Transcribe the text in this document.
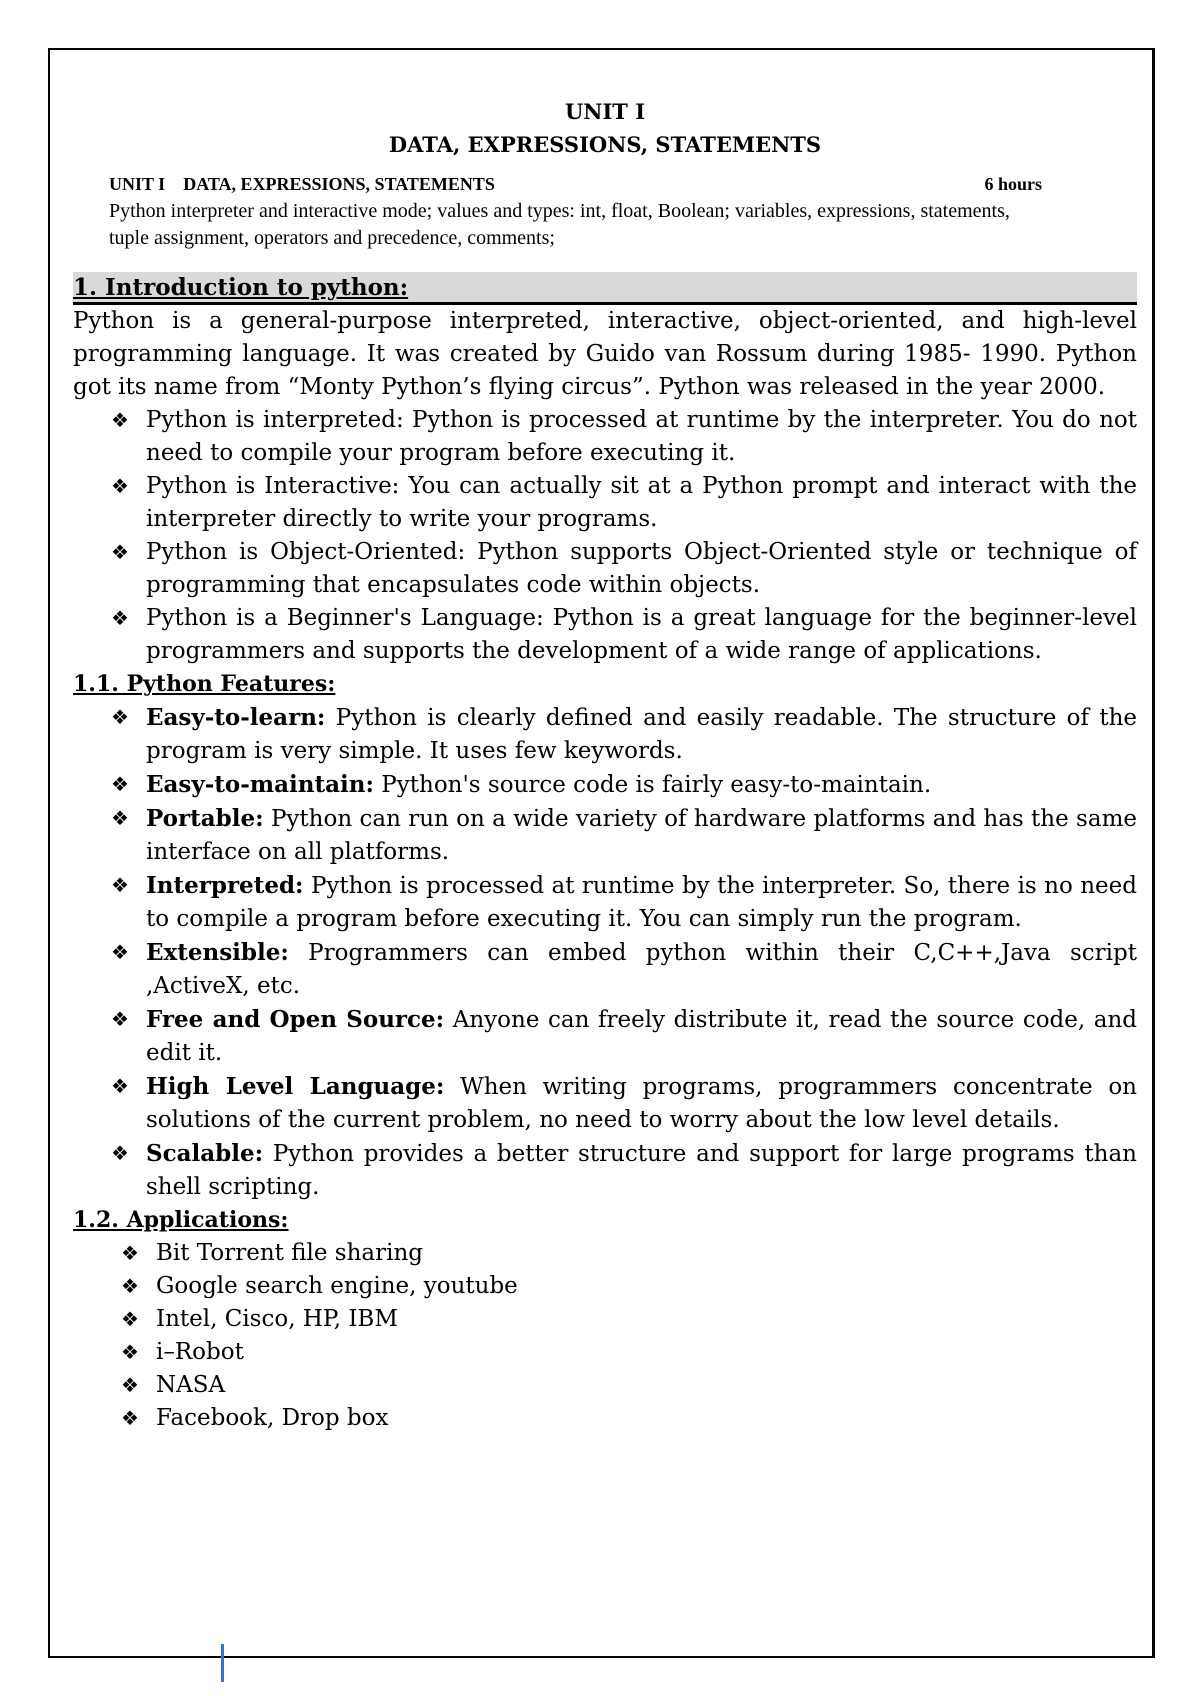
UNIT I
DATA, EXPRESSIONS, STATEMENTS
UNIT I    DATA, EXPRESSIONS, STATEMENTS	6 hours
Python interpreter and interactive mode; values and types: int, float, Boolean; variables, expressions, statements, tuple assignment, operators and precedence, comments;
1. Introduction to python:
Python is a general-purpose interpreted, interactive, object-oriented, and high-level programming language. It was created by Guido van Rossum during 1985- 1990. Python got its name from “Monty Python’s flying circus”. Python was released in the year 2000.
❖ Python is interpreted: Python is processed at runtime by the interpreter. You do not need to compile your program before executing it.
❖ Python is Interactive: You can actually sit at a Python prompt and interact with the interpreter directly to write your programs.
❖ Python is Object-Oriented: Python supports Object-Oriented style or technique of programming that encapsulates code within objects.
❖ Python is a Beginner's Language: Python is a great language for the beginner-level programmers and supports the development of a wide range of applications.
1.1. Python Features:
❖ Easy-to-learn: Python is clearly defined and easily readable. The structure of the program is very simple. It uses few keywords.
❖ Easy-to-maintain: Python's source code is fairly easy-to-maintain.
❖ Portable: Python can run on a wide variety of hardware platforms and has the same interface on all platforms.
❖ Interpreted: Python is processed at runtime by the interpreter. So, there is no need to compile a program before executing it. You can simply run the program.
❖ Extensible: Programmers can embed python within their C,C++,Java script ,ActiveX, etc.
❖ Free and Open Source: Anyone can freely distribute it, read the source code, and edit it.
❖ High Level Language: When writing programs, programmers concentrate on solutions of the current problem, no need to worry about the low level details.
❖ Scalable: Python provides a better structure and support for large programs than shell scripting.
1.2. Applications:
❖ Bit Torrent file sharing
❖ Google search engine, youtube
❖ Intel, Cisco, HP, IBM
❖ i–Robot
❖ NASA
❖ Facebook, Drop box
